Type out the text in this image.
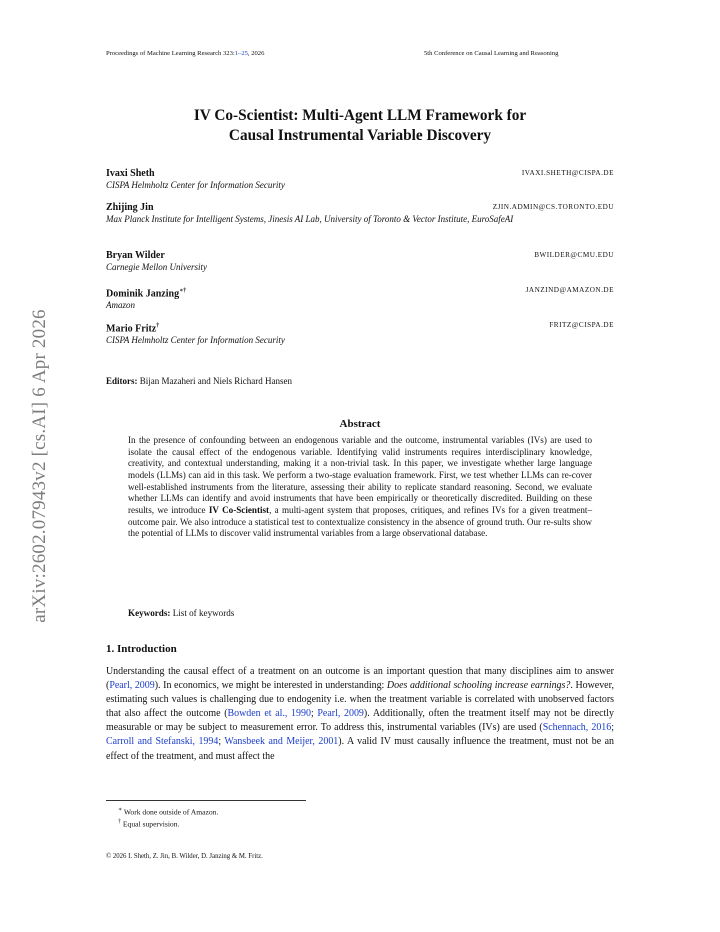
Proceedings of Machine Learning Research 323:1–25, 2026	5th Conference on Causal Learning and Reasoning
arXiv:2602.07943v2 [cs.AI] 6 Apr 2026
IV Co-Scientist: Multi-Agent LLM Framework for
Causal Instrumental Variable Discovery
Ivaxi Sheth	IVAXI.SHETH@CISPA.DE
CISPA Helmholtz Center for Information Security
Zhijing Jin	ZJIN.ADMIN@CS.TORONTO.EDU
Max Planck Institute for Intelligent Systems, Jinesis AI Lab, University of Toronto & Vector Institute, EuroSafeAI
Bryan Wilder	BWILDER@CMU.EDU
Carnegie Mellon University
Dominik Janzing∗†	JANZIND@AMAZON.DE
Amazon
Mario Fritz†	FRITZ@CISPA.DE
CISPA Helmholtz Center for Information Security
Editors: Bijan Mazaheri and Niels Richard Hansen
Abstract

In the presence of confounding between an endogenous variable and the outcome, instrumental variables (IVs) are used to isolate the causal effect of the endogenous variable. Identifying valid instruments requires interdisciplinary knowledge, creativity, and contextual understanding, making it a non-trivial task. In this paper, we investigate whether large language models (LLMs) can aid in this task. We perform a two-stage evaluation framework. First, we test whether LLMs can re-cover well-established instruments from the literature, assessing their ability to replicate standard reasoning. Second, we evaluate whether LLMs can identify and avoid instruments that have been empirically or theoretically discredited. Building on these results, we introduce IV Co-Scientist, a multi-agent system that proposes, critiques, and refines IVs for a given treatment–outcome pair. We also introduce a statistical test to contextualize consistency in the absence of ground truth. Our re-sults show the potential of LLMs to discover valid instrumental variables from a large observational database.

Keywords: List of keywords
1. Introduction

Understanding the causal effect of a treatment on an outcome is an important question that many disciplines aim to answer (Pearl, 2009). In economics, we might be interested in understanding: Does additional schooling increase earnings?. However, estimating such values is challenging due to endogenity i.e. when the treatment variable is correlated with unobserved factors that also affect the outcome (Bowden et al., 1990; Pearl, 2009). Additionally, often the treatment itself may not be directly measurable or may be subject to measurement error. To address this, instrumental variables (IVs) are used (Schennach, 2016; Carroll and Stefanski, 1994; Wansbeek and Meijer, 2001). A valid IV must causally influence the treatment, must not be an effect of the treatment, and must affect the

∗ Work done outside of Amazon.
† Equal supervision.
© 2026 I. Sheth, Z. Jin, B. Wilder, D. Janzing & M. Fritz.
